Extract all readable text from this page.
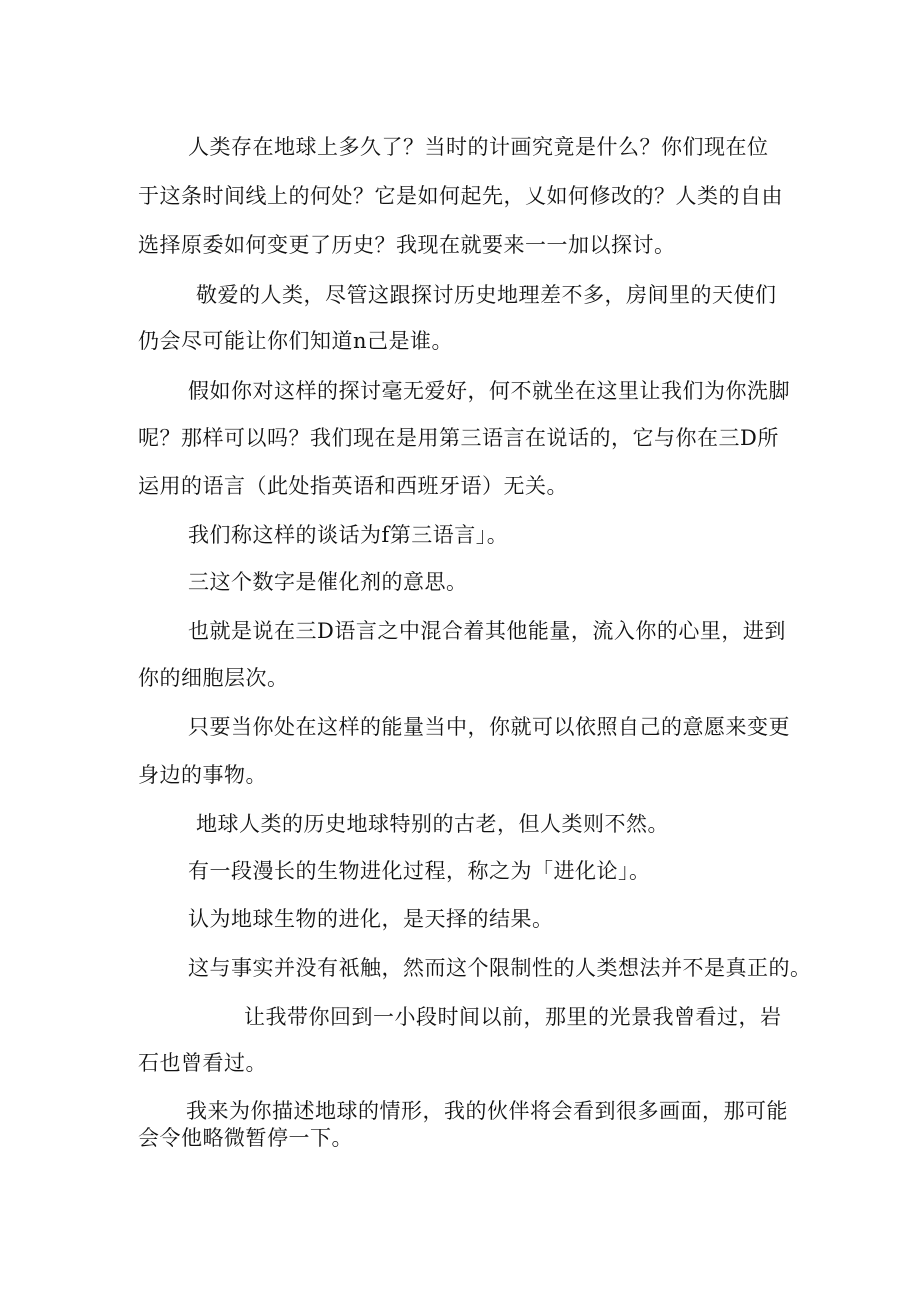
人类存在地球上多久了？当时的计画究竟是什么？你们现在位
于这条时间线上的何处？它是如何起先，乂如何修改的？人类的自由
选择原委如何变更了历史？我现在就要来一一加以探讨。
敬爱的人类，尽管这跟探讨历史地理差不多，房间里的天使们
仍会尽可能让你们知道n己是谁。
假如你对这样的探讨毫无爱好，何不就坐在这里让我们为你洗脚
呢？那样可以吗？我们现在是用第三语言在说话的，它与你在三D所
运用的语言（此处指英语和西班牙语）无关。
我们称这样的谈话为f第三语言」。
三这个数字是催化剂的意思。
也就是说在三D语言之中混合着其他能量，流入你的心里，进到
你的细胞层次。
只要当你处在这样的能量当中，你就可以依照自己的意愿来变更
身边的事物。
地球人类的历史地球特别的古老，但人类则不然。
有一段漫长的生物进化过程，称之为「进化论」。
认为地球生物的进化，是天择的结果。
这与事实并没有祇触，然而这个限制性的人类想法并不是真正的。
让我带你回到一小段时间以前，那里的光景我曾看过，岩
石也曾看过。
我来为你描述地球的情形，我的伙伴将会看到很多画面，那可能
会令他略微暂停一下。
